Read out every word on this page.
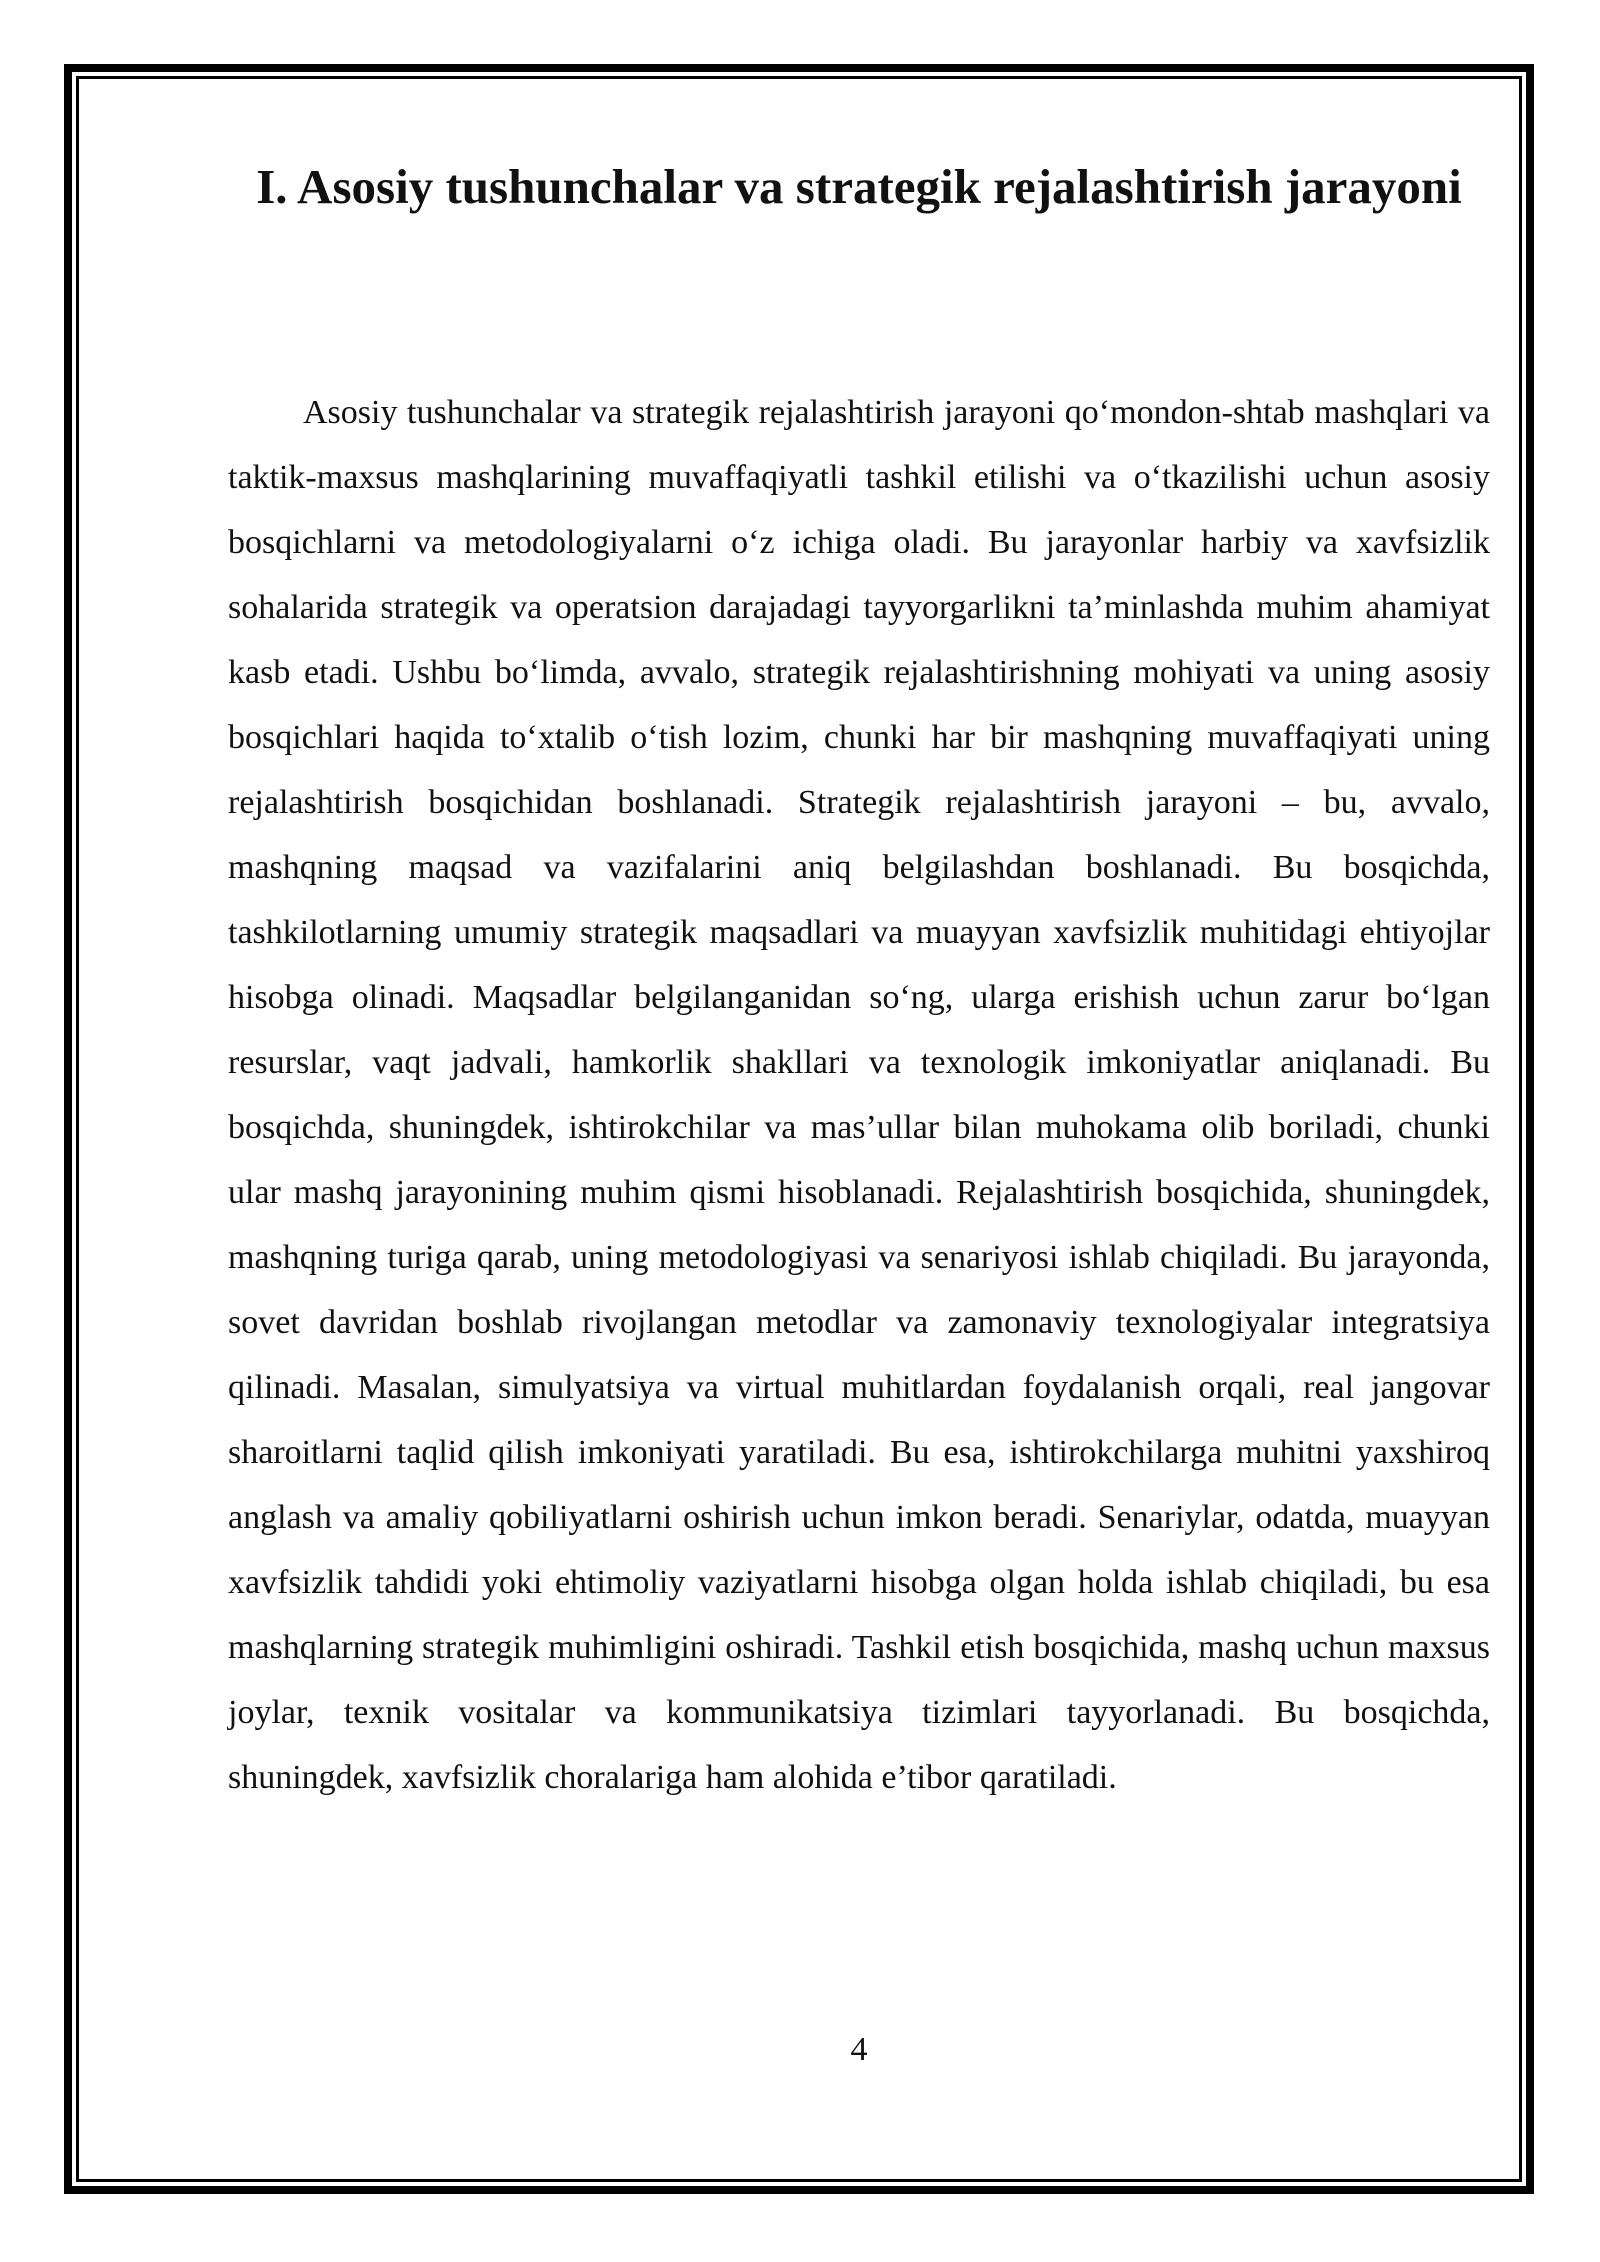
I. Asosiy tushunchalar va strategik rejalashtirish jarayoni

Asosiy tushunchalar va strategik rejalashtirish jarayoni qo‘mondon-shtab mashqlari va taktik-maxsus mashqlarining muvaffaqiyatli tashkil etilishi va o‘tkazilishi uchun asosiy bosqichlarni va metodologiyalarni o‘z ichiga oladi. Bu jarayonlar harbiy va xavfsizlik sohalarida strategik va operatsion darajadagi tayyorgarlikni ta’minlashda muhim ahamiyat kasb etadi. Ushbu bo‘limda, avvalo, strategik rejalashtirishning mohiyati va uning asosiy bosqichlari haqida to‘xtalib o‘tish lozim, chunki har bir mashqning muvaffaqiyati uning rejalashtirish bosqichidan boshlanadi. Strategik rejalashtirish jarayoni – bu, avvalo, mashqning maqsad va vazifalarini aniq belgilashdan boshlanadi. Bu bosqichda, tashkilotlarning umumiy strategik maqsadlari va muayyan xavfsizlik muhitidagi ehtiyojlar hisobga olinadi. Maqsadlar belgilanganidan so‘ng, ularga erishish uchun zarur bo‘lgan resurslar, vaqt jadvali, hamkorlik shakllari va texnologik imkoniyatlar aniqlanadi. Bu bosqichda, shuningdek, ishtirokchilar va mas’ullar bilan muhokama olib boriladi, chunki ular mashq jarayonining muhim qismi hisoblanadi. Rejalashtirish bosqichida, shuningdek, mashqning turiga qarab, uning metodologiyasi va senariyosi ishlab chiqiladi. Bu jarayonda, sovet davridan boshlab rivojlangan metodlar va zamonaviy texnologiyalar integratsiya qilinadi. Masalan, simulyatsiya va virtual muhitlardan foydalanish orqali, real jangovar sharoitlarni taqlid qilish imkoniyati yaratiladi. Bu esa, ishtirokchilarga muhitni yaxshiroq anglash va amaliy qobiliyatlarni oshirish uchun imkon beradi. Senariylar, odatda, muayyan xavfsizlik tahdidi yoki ehtimoliy vaziyatlarni hisobga olgan holda ishlab chiqiladi, bu esa mashqlarning strategik muhimligini oshiradi. Tashkil etish bosqichida, mashq uchun maxsus joylar, texnik vositalar va kommunikatsiya tizimlari tayyorlanadi. Bu bosqichda, shuningdek, xavfsizlik choralariga ham alohida e’tibor qaratiladi.

4
